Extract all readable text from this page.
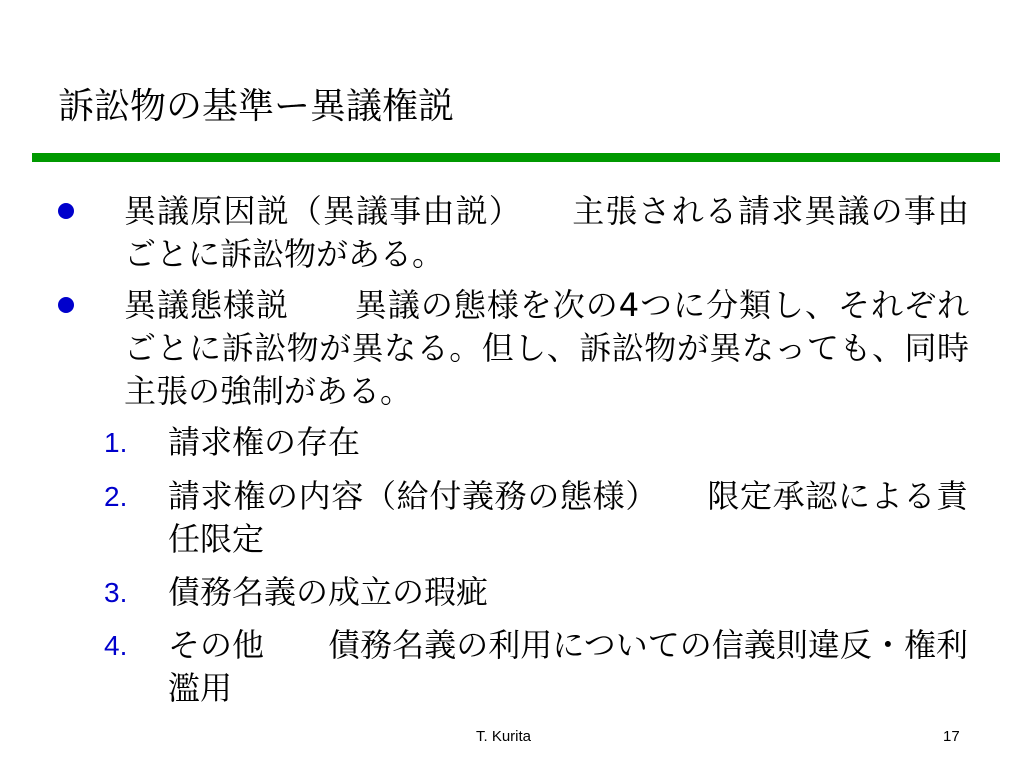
訴訟物の基準ー異議権説
異議原因説（異議事由説）　　主張される請求異議の事由ごとに訴訟物がある。
異議態様説　　異議の態様を次の4つに分類し、それぞれごとに訴訟物が異なる。但し、訴訟物が異なっても、同時主張の強制がある。
1.	請求権の存在
2.	請求権の内容（給付義務の態様）　　限定承認による責任限定
3.	債務名義の成立の瑕疵
4.	その他　　債務名義の利用についての信義則違反・権利濫用
T. Kurita	17
